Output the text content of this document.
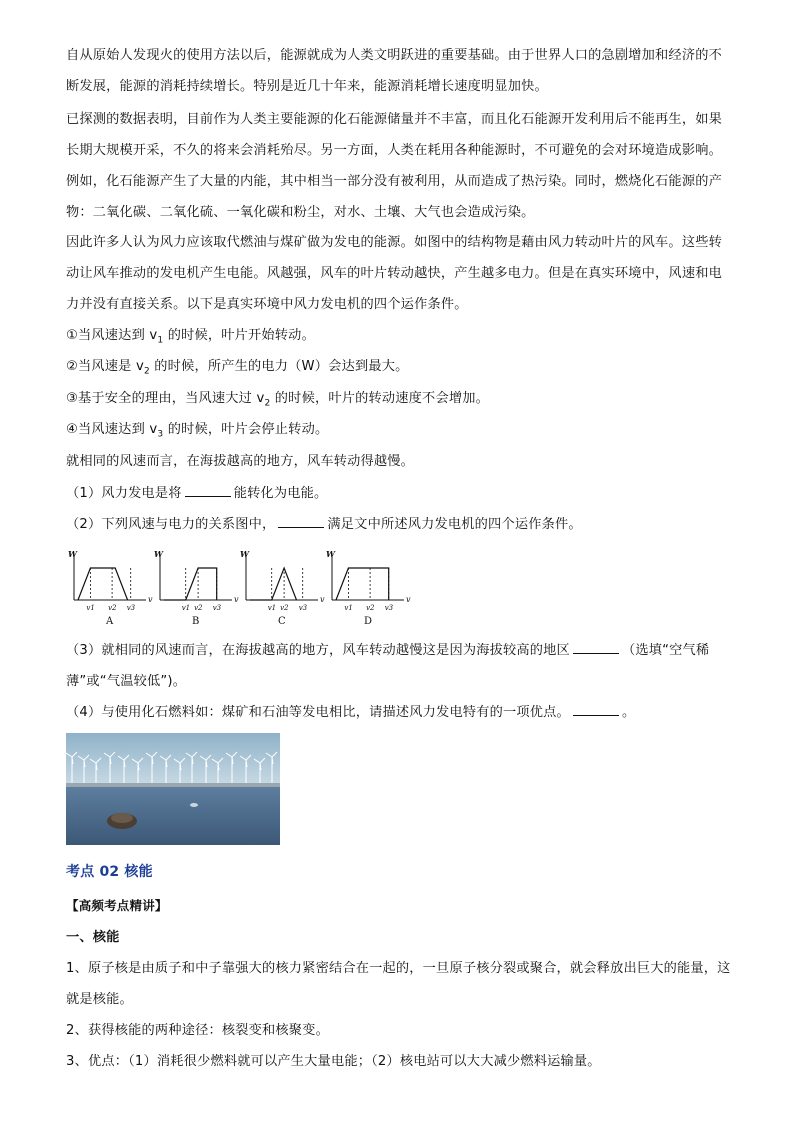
自从原始人发现火的使用方法以后，能源就成为人类文明跃进的重要基础。由于世界人口的急剧增加和经济的不
断发展，能源的消耗持续增长。特别是近几十年来，能源消耗增长速度明显加快。
已探测的数据表明，目前作为人类主要能源的化石能源储量并不丰富，而且化石能源开发利用后不能再生，如果
长期大规模开采，不久的将来会消耗殆尽。另一方面，人类在耗用各种能源时，不可避免的会对环境造成影响。
例如，化石能源产生了大量的内能，其中相当一部分没有被利用，从而造成了热污染。同时，燃烧化石能源的产
物：二氧化碳、二氧化硫、一氧化碳和粉尘，对水、土壤、大气也会造成污染。
因此许多人认为风力应该取代燃油与煤矿做为发电的能源。如图中的结构物是藉由风力转动叶片的风车。这些转
动让风车推动的发电机产生电能。风越强，风车的叶片转动越快，产生越多电力。但是在真实环境中，风速和电
力并没有直接关系。以下是真实环境中风力发电机的四个运作条件。
①当风速达到 $v_1$ 的时候，叶片开始转动。
②当风速是 $v_2$ 的时候，所产生的电力（W）会达到最大。
③基于安全的理由，当风速大过 $v_2$ 的时候，叶片的转动速度不会增加。
④当风速达到 $v_3$ 的时候，叶片会停止转动。
就相同的风速而言，在海拔越高的地方，风车转动得越慢。
（1）风力发电是将	能转化为电能。
（2）下列风速与电力的关系图中，	满足文中所述风力发电机的四个运作条件。
W
v
v1 v2 v3
A
W
v
v1 v2 v3
B
W
v
v1 v2 v3
C
W
v
v1 v2 v3
D
（3）就相同的风速而言，在海拔越高的地方，风车转动越慢这是因为海拔较高的地区	（选填“空气稀
薄”或“气温较低”)。
（4）与使用化石燃料如：煤矿和石油等发电相比，请描述风力发电特有的一项优点。	。
考点 02 核能
【高频考点精讲】
一、核能
1、原子核是由质子和中子靠强大的核力紧密结合在一起的，一旦原子核分裂或聚合，就会释放出巨大的能量，这
就是核能。
2、获得核能的两种途径：核裂变和核聚变。
3、优点：（1）消耗很少燃料就可以产生大量电能；（2）核电站可以大大减少燃料运输量。
